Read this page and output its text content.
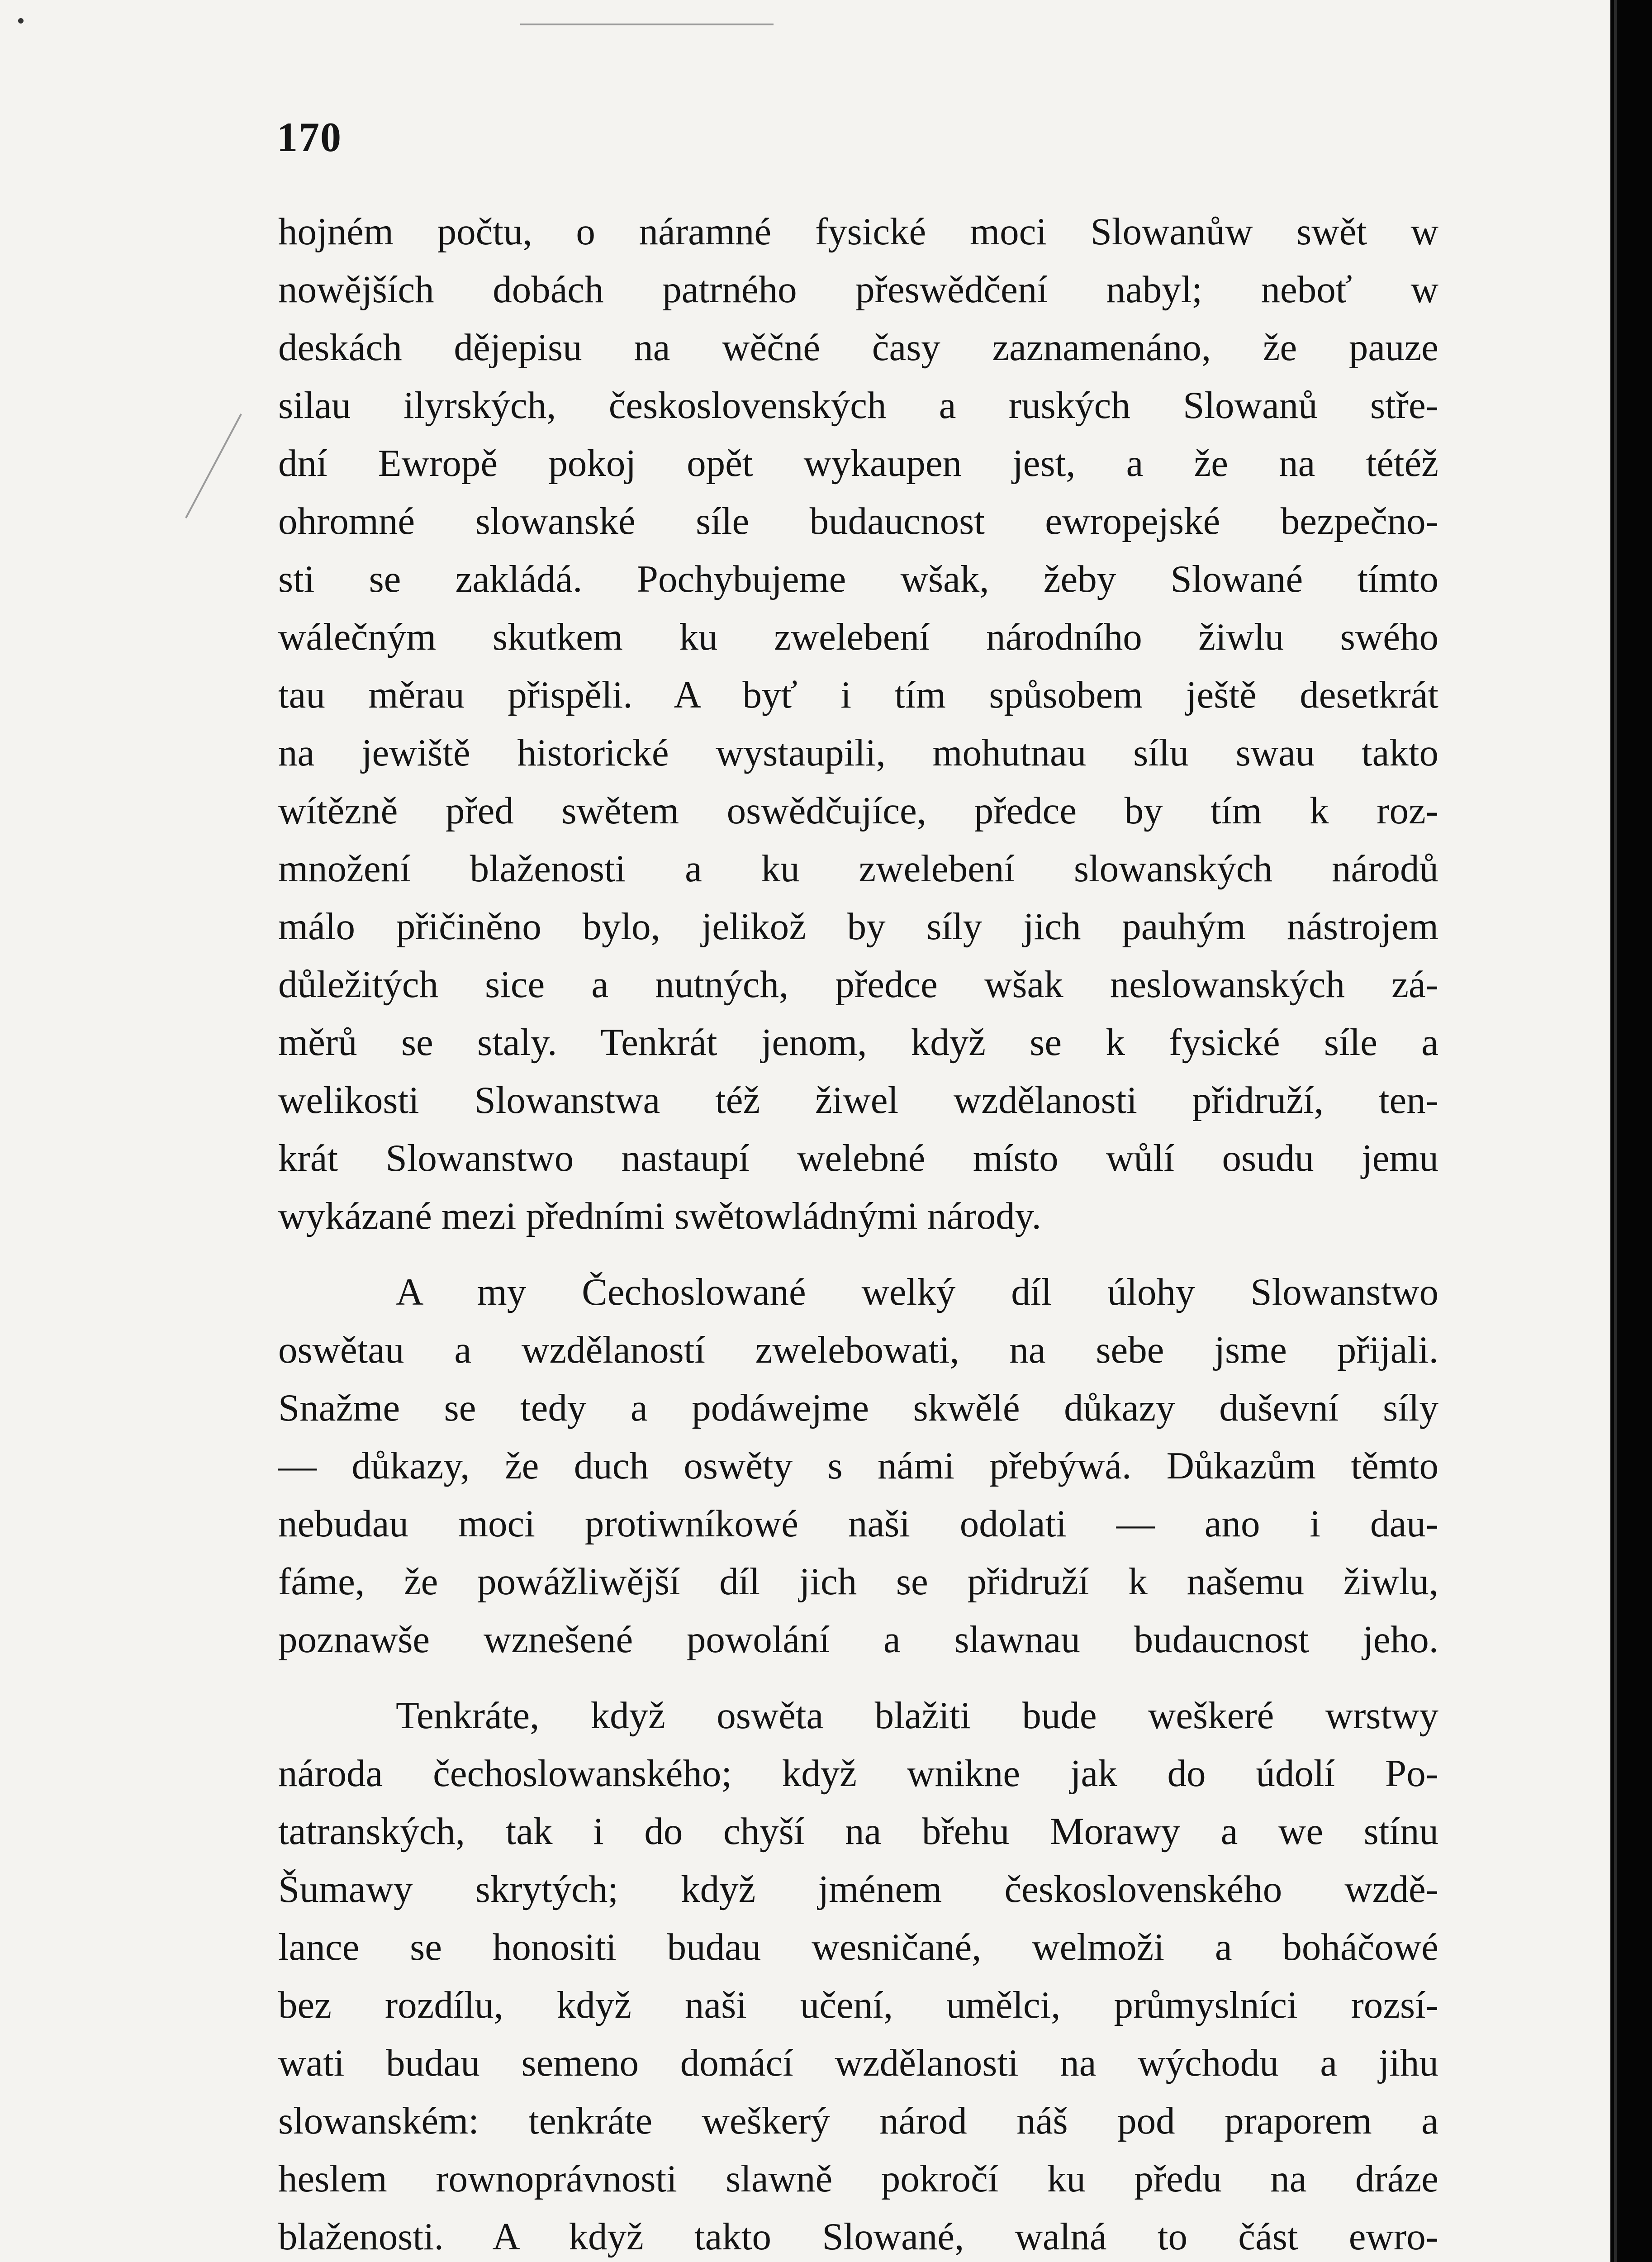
170
hojném počtu, o náramné fysické moci Slowanůw swět w
nowějších dobách patrného přeswědčení nabyl; neboť w
deskách dějepisu na wěčné časy zaznamenáno, že pauze
silau ilyrských, československých a ruských Slowanů stře-
dní Ewropě pokoj opět wykaupen jest, a že na tétéž
ohromné slowanské síle budaucnost ewropejské bezpečno-
sti se zakládá. Pochybujeme wšak, žeby Slowané tímto
wálečným skutkem ku zwelebení národního žiwlu swého
tau měrau přispěli. A byť i tím spůsobem ještě desetkrát
na jewiště historické wystaupili, mohutnau sílu swau takto
wítězně před swětem oswědčujíce, předce by tím k roz-
množení blaženosti a ku zwelebení slowanských národů
málo přičiněno bylo, jelikož by síly jich pauhým nástrojem
důležitých sice a nutných, předce wšak neslowanských zá-
měrů se staly. Tenkrát jenom, když se k fysické síle a
welikosti Slowanstwa též žiwel wzdělanosti přidruží, ten-
krát Slowanstwo nastaupí welebné místo wůlí osudu jemu
wykázané mezi předními swětowládnými národy.
A my Čechoslowané welký díl úlohy Slowanstwo
oswětau a wzdělaností zwelebowati, na sebe jsme přijali.
Snažme se tedy a podáwejme skwělé důkazy duševní síly
— důkazy, že duch oswěty s námi přebýwá. Důkazům těmto
nebudau moci protiwníkowé naši odolati — ano i dau-
fáme, že powážliwější díl jich se přidruží k našemu žiwlu,
poznawše wznešené powolání a slawnau budaucnost jeho.
Tenkráte, když oswěta blažiti bude weškeré wrstwy
národa čechoslowanského; když wnikne jak do údolí Po-
tatranských, tak i do chyší na břehu Morawy a we stínu
Šumawy skrytých; když jménem československého wzdě-
lance se honositi budau wesničané, welmoži a boháčowé
bez rozdílu, když naši učení, umělci, průmyslníci rozsí-
wati budau semeno domácí wzdělanosti na wýchodu a jihu
slowanském: tenkráte weškerý národ náš pod praporem a
heslem rownoprávnosti slawně pokročí ku předu na dráze
blaženosti. A když takto Slowané, walná to část ewro-
